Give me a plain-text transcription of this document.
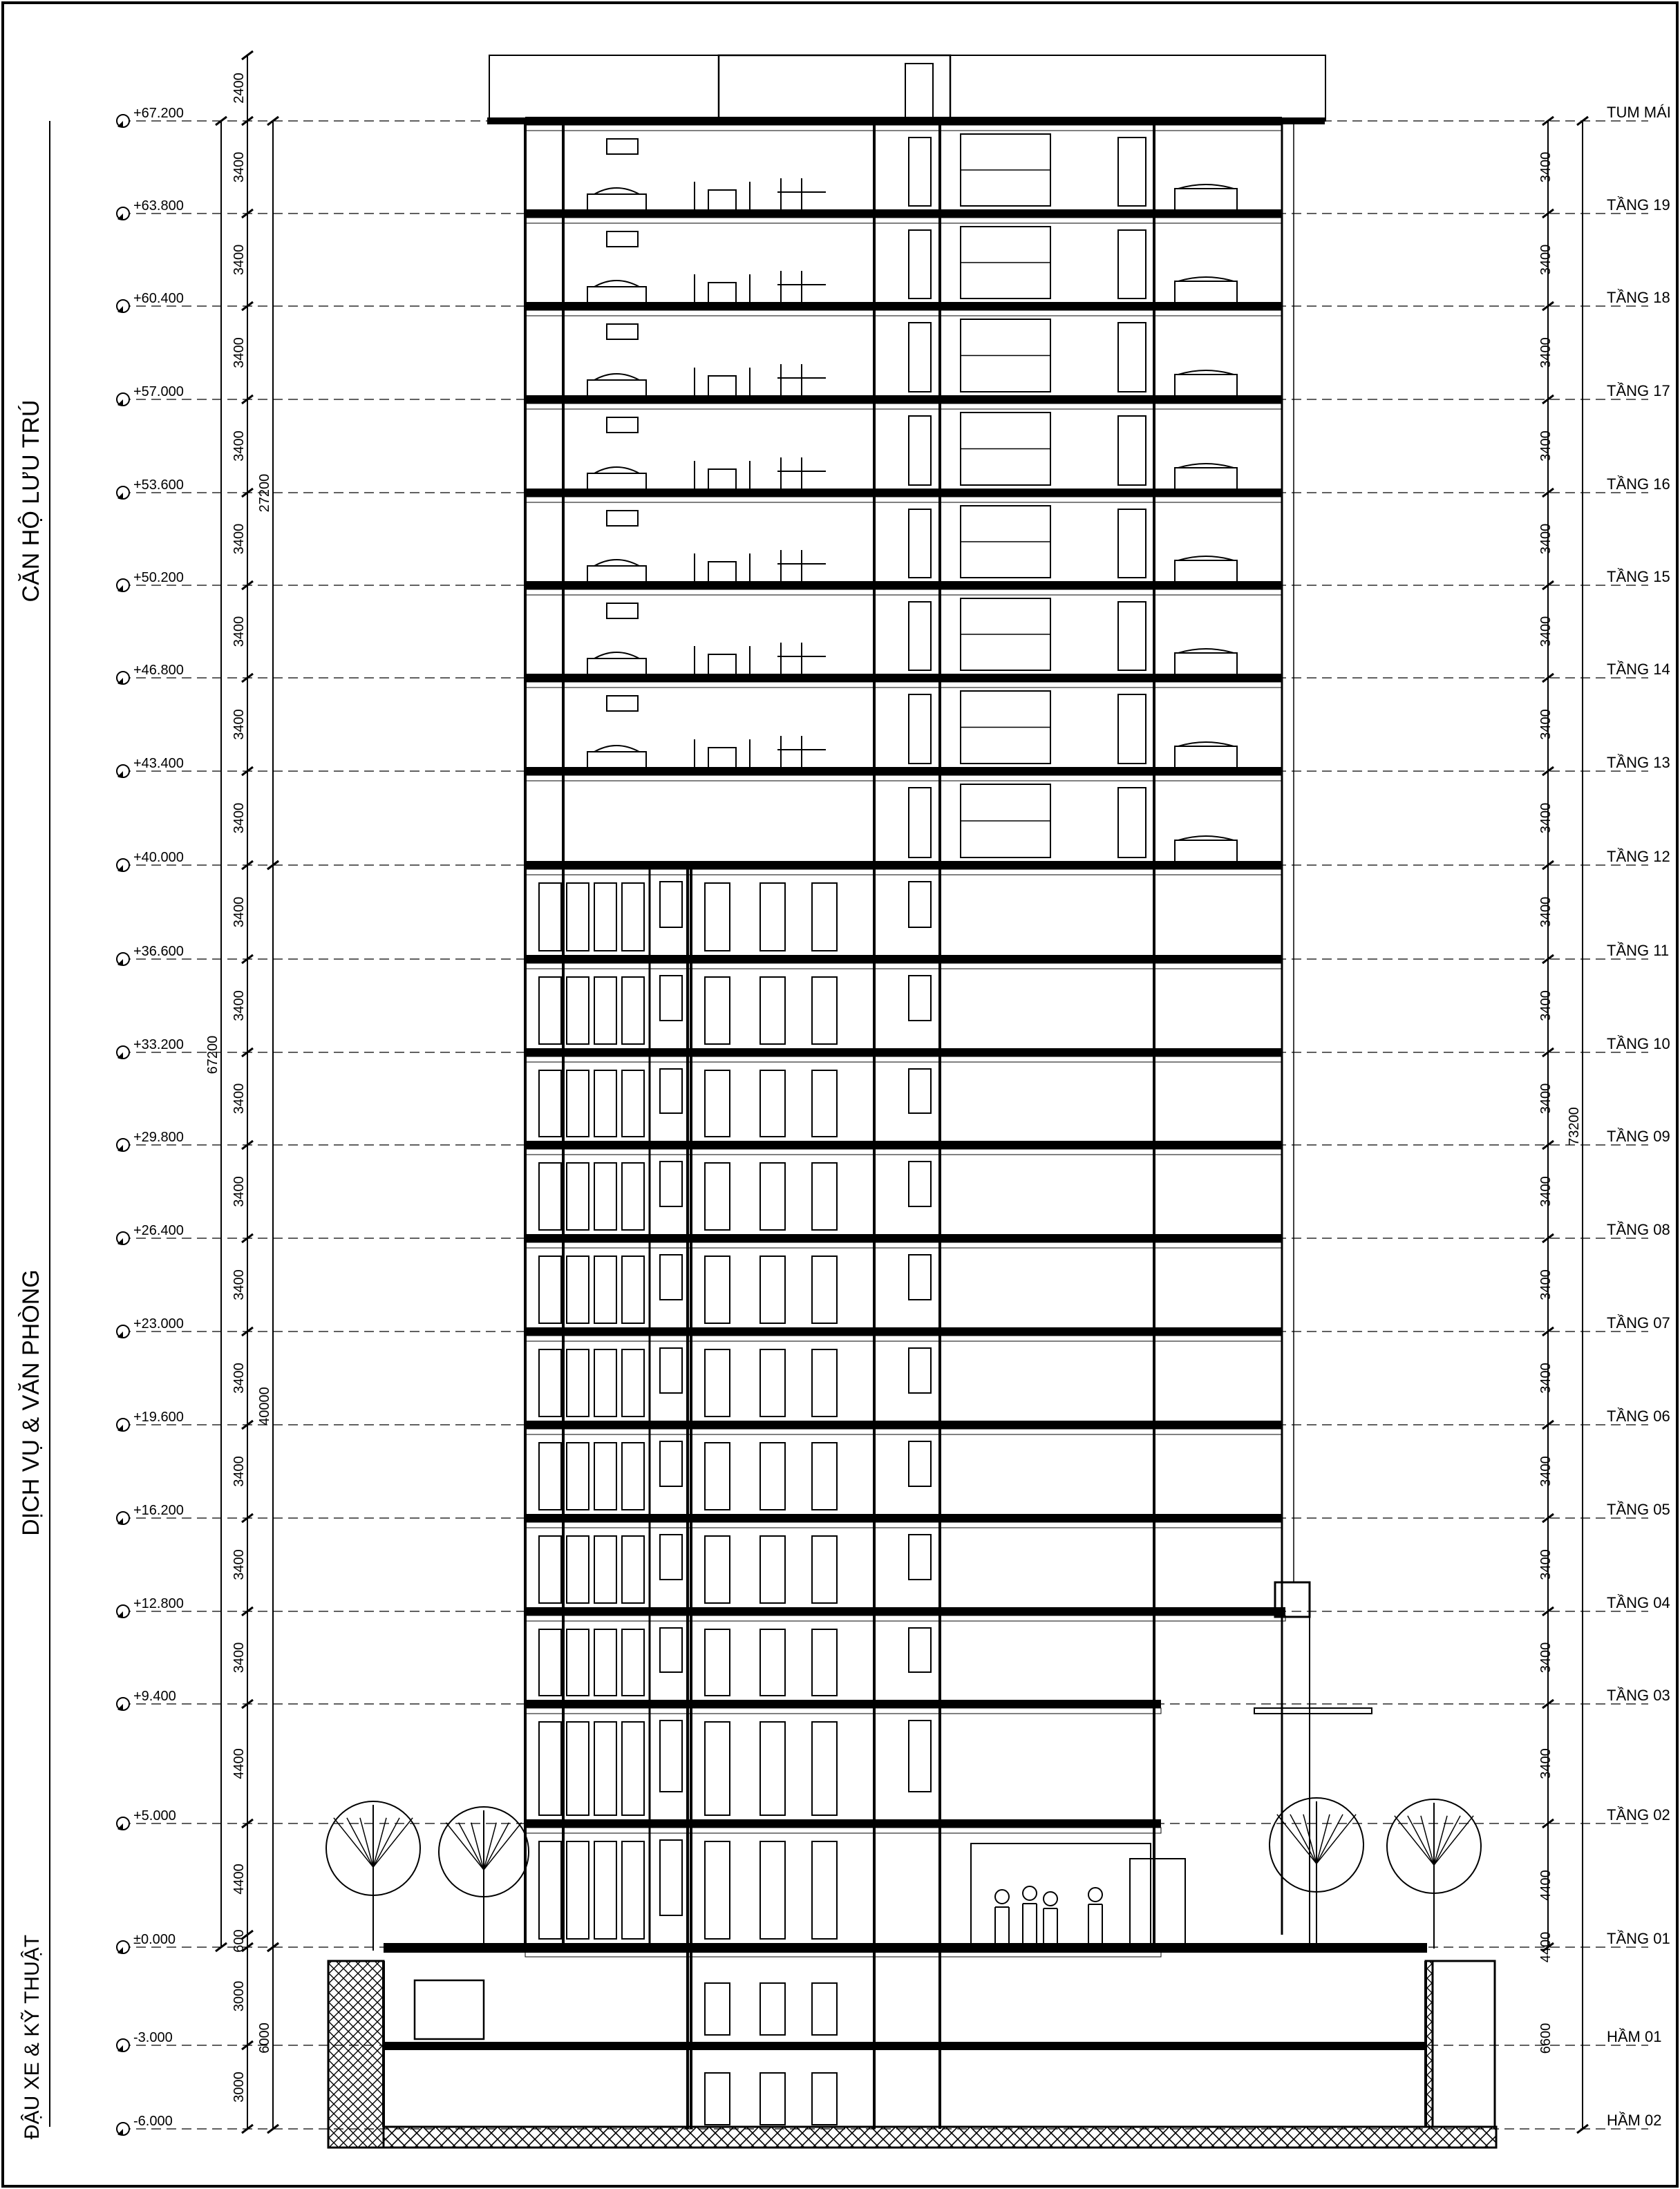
CĂN HỘ LƯU TRÚ
DỊCH VỤ & VĂN PHÒNG
ĐẬU XE & KỸ THUẬT
+67.200	TUM MÁI
+63.800	TẦNG 19
+60.400	TẦNG 18
+57.000	TẦNG 17
+53.600	TẦNG 16
+50.200	TẦNG 15
+46.800	TẦNG 14
+43.400	TẦNG 13
+40.000	TẦNG 12
+36.600	TẦNG 11
+33.200	TẦNG 10
+29.800	TẦNG 09
+26.400	TẦNG 08
+23.000	TẦNG 07
+19.600	TẦNG 06
+16.200	TẦNG 05
+12.800	TẦNG 04
+9.400	TẦNG 03
+5.000	TẦNG 02
±0.000	TẦNG 01
-3.000	HẦM 01
-6.000	HẦM 02
2400
3400
3400
3400
3400
3400
3400
3400
3400
3400
3400
3400
3400
3400
3400
3400
3400
3400
4400
4400
600
3000
3000
27200
67200
40000
6000
3400
3400
3400
3400
3400
3400
3400
3400
3400
3400
3400
3400
3400
3400
3400
3400
3400
3400
4400
4400
73200
6600
